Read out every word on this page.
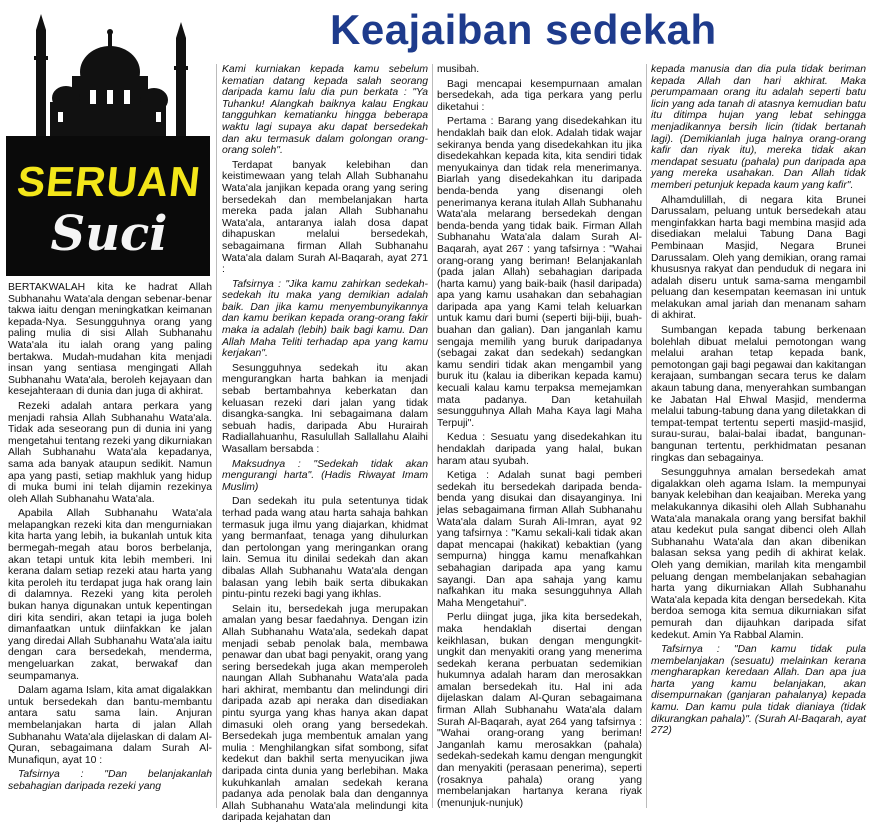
SERUAN
Suci
Keajaiban sedekah

BERTAKWALAH kita ke hadrat Allah Subhanahu Wata'ala dengan sebenar-benar takwa iaitu dengan meningkatkan keimanan kepada-Nya. Sesungguhnya orang yang paling mulia di sisi Allah Subhanahu Wata'ala itu ialah orang yang paling bertakwa. Mudah-mudahan kita menjadi insan yang sentiasa mengingati Allah Subhanahu Wata'ala, beroleh kejayaan dan kesejahteraan di dunia dan juga di akhirat.

Rezeki adalah antara perkara yang menjadi rahsia Allah Subhanahu Wata'ala. Tidak ada seseorang pun di dunia ini yang mengetahui tentang rezeki yang dikurniakan Allah Subhanahu Wata'ala kepadanya, sama ada banyak ataupun sedikit. Namun apa yang pasti, setiap makhluk yang hidup di muka bumi ini telah dijamin rezekinya oleh Allah Subhanahu Wata'ala.

Apabila Allah Subhanahu Wata'ala melapangkan rezeki kita dan mengurniakan kita harta yang lebih, ia bukanlah untuk kita bermegah-megah atau boros berbelanja, akan tetapi untuk kita lebih memberi. Ini kerana dalam setiap rezeki atau harta yang kita peroleh itu terdapat juga hak orang lain di dalamnya. Rezeki yang kita peroleh bukan hanya digunakan untuk kepentingan diri kita sendiri, akan tetapi ia juga boleh dimanfaatkan untuk diinfakkan ke jalan yang diredai Allah Subhanahu Wata'ala iaitu dengan cara bersedekah, menderma, mengeluarkan zakat, berwakaf dan seumpamanya.

Dalam agama Islam, kita amat digalakkan untuk bersedekah dan bantu-membantu antara satu sama lain. Anjuran membelanjakan harta di jalan Allah Subhanahu Wata'ala dijelaskan di dalam Al-Quran, sebagaimana dalam Surah Al-Munafiqun, ayat 10 :

Tafsirnya : "Dan belanjakanlah sebahagian daripada rezeki yang

Kami kurniakan kepada kamu sebelum kematian datang kepada salah seorang daripada kamu lalu dia pun berkata : "Ya Tuhanku! Alangkah baiknya kalau Engkau tangguhkan kematianku hingga beberapa waktu lagi supaya aku dapat bersedekah dan aku termasuk dalam golongan orang-orang soleh".

Terdapat banyak kelebihan dan keistimewaan yang telah Allah Subhanahu Wata'ala janjikan kepada orang yang sering bersedekah dan membelanjakan harta mereka pada jalan Allah Subhanahu Wata'ala, antaranya ialah dosa dapat dihapuskan melalui bersedekah, sebagaimana firman Allah Subhanahu Wata'ala dalam Surah Al-Baqarah, ayat 271 :

Tafsirnya : "Jika kamu zahirkan sedekah-sedekah itu maka yang demikian adalah baik. Dan jika kamu menyembunyikannya dan kamu berikan kepada orang-orang fakir maka ia adalah (lebih) baik bagi kamu. Dan Allah Maha Teliti terhadap apa yang kamu kerjakan".

Sesungguhnya sedekah itu akan mengurangkan harta bahkan ia menjadi sebab bertambahnya keberkatan dan keluasan rezeki dari jalan yang tidak disangka-sangka. Ini sebagaimana dalam sebuah hadis, daripada Abu Hurairah Radiallahuanhu, Rasulullah Sallallahu Alaihi Wasallam bersabda :

Maksudnya : "Sedekah tidak akan mengurangi harta". (Hadis Riwayat Imam Muslim)

Dan sedekah itu pula setentunya tidak terhad pada wang atau harta sahaja bahkan termasuk juga ilmu yang diajarkan, khidmat yang bermanfaat, tenaga yang dihulurkan dan pertolongan yang meringankan orang lain. Semua itu dinilai sedekah dan akan dibalas Allah Subhanahu Wata'ala dengan balasan yang lebih baik serta dibukakan pintu-pintu rezeki bagi yang ikhlas.

Selain itu, bersedekah juga merupakan amalan yang besar faedahnya. Dengan izin Allah Subhanahu Wata'ala, sedekah dapat menjadi sebab penolak bala, membawa penawar dan ubat bagi penyakit, orang yang sering bersedekah juga akan memperoleh naungan Allah Subhanahu Wata'ala pada hari akhirat, membantu dan melindungi diri daripada azab api neraka dan disediakan pintu syurga yang khas hanya akan dapat dimasuki oleh orang yang bersedekah. Bersedekah juga membentuk amalan yang mulia : Menghilangkan sifat sombong, sifat kedekut dan bakhil serta menyucikan jiwa daripada cinta dunia yang berlebihan. Maka kukuhkanlah amalan sedekah kerana padanya ada penolak bala dan dengannya Allah Subhanahu Wata'ala melindungi kita daripada kejahatan dan

musibah.

Bagi mencapai kesempurnaan amalan bersedekah, ada tiga perkara yang perlu diketahui :

Pertama : Barang yang disedekahkan itu hendaklah baik dan elok. Adalah tidak wajar sekiranya benda yang disedekahkan itu jika disedekahkan kepada kita, kita sendiri tidak menyukainya dan tidak rela menerimanya. Biarlah yang disedekahkan itu daripada benda-benda yang disenangi oleh penerimanya kerana itulah Allah Subhanahu Wata'ala melarang bersedekah dengan benda-benda yang tidak baik. Firman Allah Subhanahu Wata'ala dalam Surah Al-Baqarah, ayat 267 : yang tafsirnya : "Wahai orang-orang yang beriman! Belanjakanlah (pada jalan Allah) sebahagian daripada (harta kamu) yang baik-baik (hasil daripada) apa yang kamu usahakan dan sebahagian daripada apa yang Kami telah keluarkan untuk kamu dari bumi (seperti biji-biji, buah-buahan dan galian). Dan janganlah kamu sengaja memilih yang buruk daripadanya (sebagai zakat dan sedekah) sedangkan kamu sendiri tidak akan mengambil yang buruk itu (kalau ia diberikan kepada kamu) kecuali kalau kamu terpaksa memejamkan mata padanya. Dan ketahuilah sesungguhnya Allah Maha Kaya lagi Maha Terpuji".

Kedua : Sesuatu yang disedekahkan itu hendaklah daripada yang halal, bukan haram atau syubah.

Ketiga : Adalah sunat bagi pemberi sedekah itu bersedekah daripada benda-benda yang disukai dan disayanginya. Ini jelas sebagaimana firman Allah Subhanahu Wata'ala dalam Surah Ali-Imran, ayat 92 yang tafsirnya : "Kamu sekali-kali tidak akan dapat mencapai (hakikat) kebaktian (yang sempurna) hingga kamu menafkahkan sebahagian daripada apa yang kamu sayangi. Dan apa sahaja yang kamu nafkahkan itu maka sesungguhnya Allah Maha Mengetahui".

Perlu diingat juga, jika kita bersedekah, maka hendaklah disertai dengan keikhlasan, bukan dengan mengungkit-ungkit dan menyakiti orang yang menerima sedekah kerana perbuatan sedemikian hukumnya adalah haram dan merosakkan amalan bersedekah itu. Hal ini ada dijelaskan dalam Al-Quran sebagaimana firman Allah Subhanahu Wata'ala dalam Surah Al-Baqarah, ayat 264 yang tafsirnya : "Wahai orang-orang yang beriman! Janganlah kamu merosakkan (pahala) sedekah-sedekah kamu dengan mengungkit dan menyakiti (perasaan penerima), seperti (rosaknya pahala) orang yang membelanjakan hartanya kerana riyak (menunjuk-nunjuk)

kepada manusia dan dia pula tidak beriman kepada Allah dan hari akhirat. Maka perumpamaan orang itu adalah seperti batu licin yang ada tanah di atasnya kemudian batu itu ditimpa hujan yang lebat sehingga menjadikannya bersih licin (tidak bertanah lagi). (Demikianlah juga halnya orang-orang kafir dan riyak itu), mereka tidak akan mendapat sesuatu (pahala) pun daripada apa yang mereka usahakan. Dan Allah tidak memberi petunjuk kepada kaum yang kafir".

Alhamdulillah, di negara kita Brunei Darussalam, peluang untuk bersedekah atau menginfakkan harta bagi membina masjid ada disediakan melalui Tabung Dana Bagi Pembinaan Masjid, Negara Brunei Darussalam. Oleh yang demikian, orang ramai khususnya rakyat dan penduduk di negara ini adalah diseru untuk sama-sama mengambil peluang dan kesempatan keemasan ini untuk melakukan amal jariah dan menanam saham di akhirat.

Sumbangan kepada tabung berkenaan bolehlah dibuat melalui pemotongan wang melalui arahan tetap kepada bank, pemotongan gaji bagi pegawai dan kakitangan kerajaan, sumbangan secara terus ke dalam akaun tabung dana, menyerahkan sumbangan ke Jabatan Hal Ehwal Masjid, menderma melalui tabung-tabung dana yang diletakkan di tempat-tempat tertentu seperti masjid-masjid, surau-surau, balai-balai ibadat, bangunan-bangunan tertentu, perkhidmatan pesanan ringkas dan sebagainya.

Sesungguhnya amalan bersedekah amat digalakkan oleh agama Islam. Ia mempunyai banyak kelebihan dan keajaiban. Mereka yang melakukannya dikasihi oleh Allah Subhanahu Wata'ala manakala orang yang bersifat bakhil atau kedekut pula sangat dibenci oleh Allah Subhanahu Wata'ala dan akan dibenikan balasan seksa yang pedih di akhirat kelak. Oleh yang demikian, marilah kita mengambil peluang dengan membelanjakan sebahagian harta yang dikurniakan Allah Subhanahu Wata'ala kepada kita dengan bersedekah. Kita berdoa semoga kita semua dikurniakan sifat pemurah dan dijauhkan daripada sifat kedekut. Amin Ya Rabbal Alamin.

Tafsirnya : "Dan kamu tidak pula membelanjakan (sesuatu) melainkan kerana mengharapkan keredaan Allah. Dan apa jua harta yang kamu belanjakan, akan disempurnakan (ganjaran pahalanya) kepada kamu. Dan kamu pula tidak dianiaya (tidak dikurangkan pahala)". (Surah Al-Baqarah, ayat 272)
